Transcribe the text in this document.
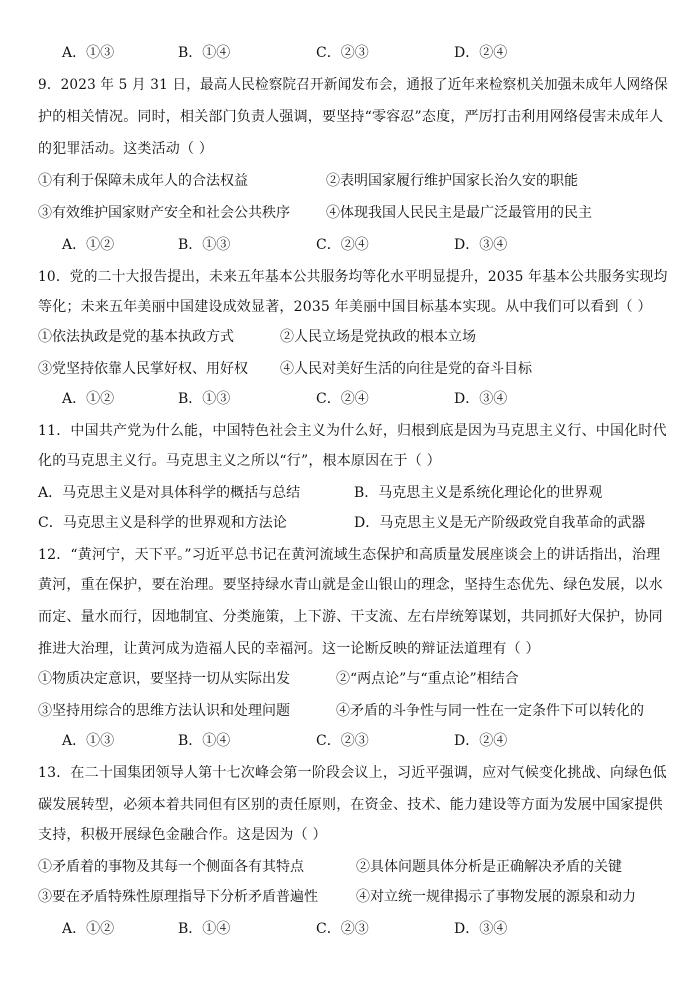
A．①③	B．①④	C．②③	D．②④
9．2023 年 5 月 31 日，最高人民检察院召开新闻发布会，通报了近年来检察机关加强未成年人网络保
护的相关情况。同时，相关部门负责人强调，要坚持“零容忍”态度，严厉打击利用网络侵害未成年人
的犯罪活动。这类活动（ ）
①有利于保障未成年人的合法权益	②表明国家履行维护国家长治久安的职能
③有效维护国家财产安全和社会公共秩序	④体现我国人民民主是最广泛最管用的民主
A．①②	B．①③	C．②④	D．③④
10．党的二十大报告提出，未来五年基本公共服务均等化水平明显提升，2035 年基本公共服务实现均
等化；未来五年美丽中国建设成效显著，2035 年美丽中国目标基本实现。从中我们可以看到（ ）
①依法执政是党的基本执政方式	②人民立场是党执政的根本立场
③党坚持依靠人民掌好权、用好权 ④人民对美好生活的向往是党的奋斗目标
A．①②	B．①③	C．②④	D．③④
11．中国共产党为什么能，中国特色社会主义为什么好，归根到底是因为马克思主义行、中国化时代
化的马克思主义行。马克思主义之所以“行”，根本原因在于（ ）
A．马克思主义是对具体科学的概括与总结	B．马克思主义是系统化理论化的世界观
C．马克思主义是科学的世界观和方法论	D．马克思主义是无产阶级政党自我革命的武器
12．“黄河宁，天下平。”习近平总书记在黄河流域生态保护和高质量发展座谈会上的讲话指出，治理
黄河，重在保护，要在治理。要坚持绿水青山就是金山银山的理念，坚持生态优先、绿色发展，以水
而定、量水而行，因地制宜、分类施策，上下游、干支流、左右岸统筹谋划，共同抓好大保护，协同
推进大治理，让黄河成为造福人民的幸福河。这一论断反映的辩证法道理有（ ）
①物质决定意识，要坚持一切从实际出发	②“两点论”与“重点论”相结合
③坚持用综合的思维方法认识和处理问题	④矛盾的斗争性与同一性在一定条件下可以转化的
A．①③	B．①④	C．②③	D．②④
13．在二十国集团领导人第十七次峰会第一阶段会议上，习近平强调，应对气候变化挑战、向绿色低
碳发展转型，必须本着共同但有区别的责任原则，在资金、技术、能力建设等方面为发展中国家提供
支持，积极开展绿色金融合作。这是因为（ ）
①矛盾着的事物及其每一个侧面各有其特点	②具体问题具体分析是正确解决矛盾的关键
③要在矛盾特殊性原理指导下分析矛盾普遍性	④对立统一规律揭示了事物发展的源泉和动力
A．①②	B．①④	C．②③	D．③④
